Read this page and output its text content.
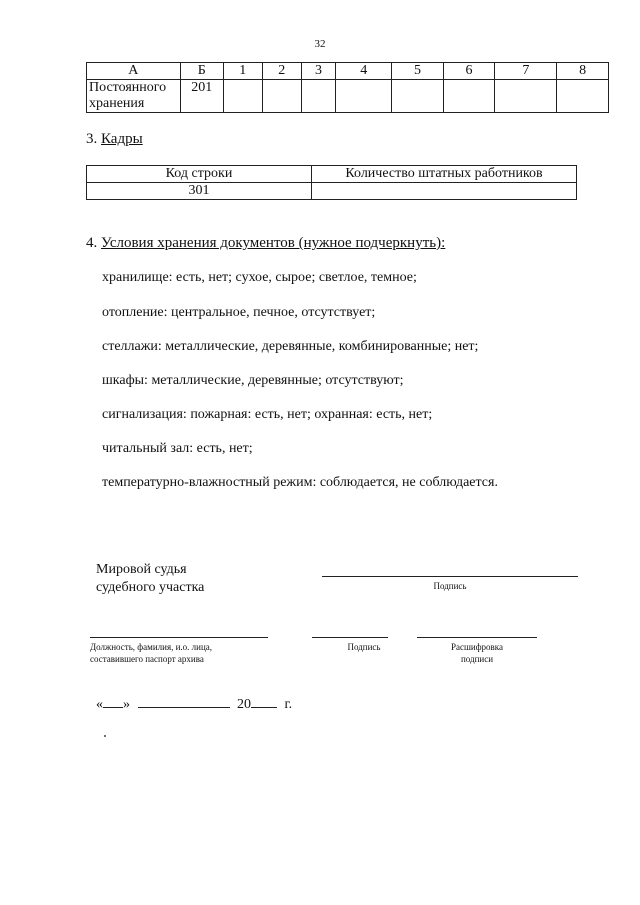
32
А	Б	1	2	3	4	5	6	7	8

Постоянного
хранения	201								
3. Кадры
Код строки	Количество штатных работников
301	
4. Условия хранения документов (нужное подчеркнуть):
хранилище: есть, нет; сухое, сырое; светлое, темное;
отопление: центральное, печное, отсутствует;
стеллажи: металлические, деревянные, комбинированные; нет;
шкафы: металлические, деревянные; отсутствуют;
сигнализация: пожарная: есть, нет; охранная: есть, нет;
читальный зал: есть, нет;
температурно-влажностный режим: соблюдается, не соблюдается.
Мировой судья
судебного участка	Подпись
Должность, фамилия, и.о. лица,
составившего паспорт архива
Подпись	Расшифровка
подписи
« »	20 г.
